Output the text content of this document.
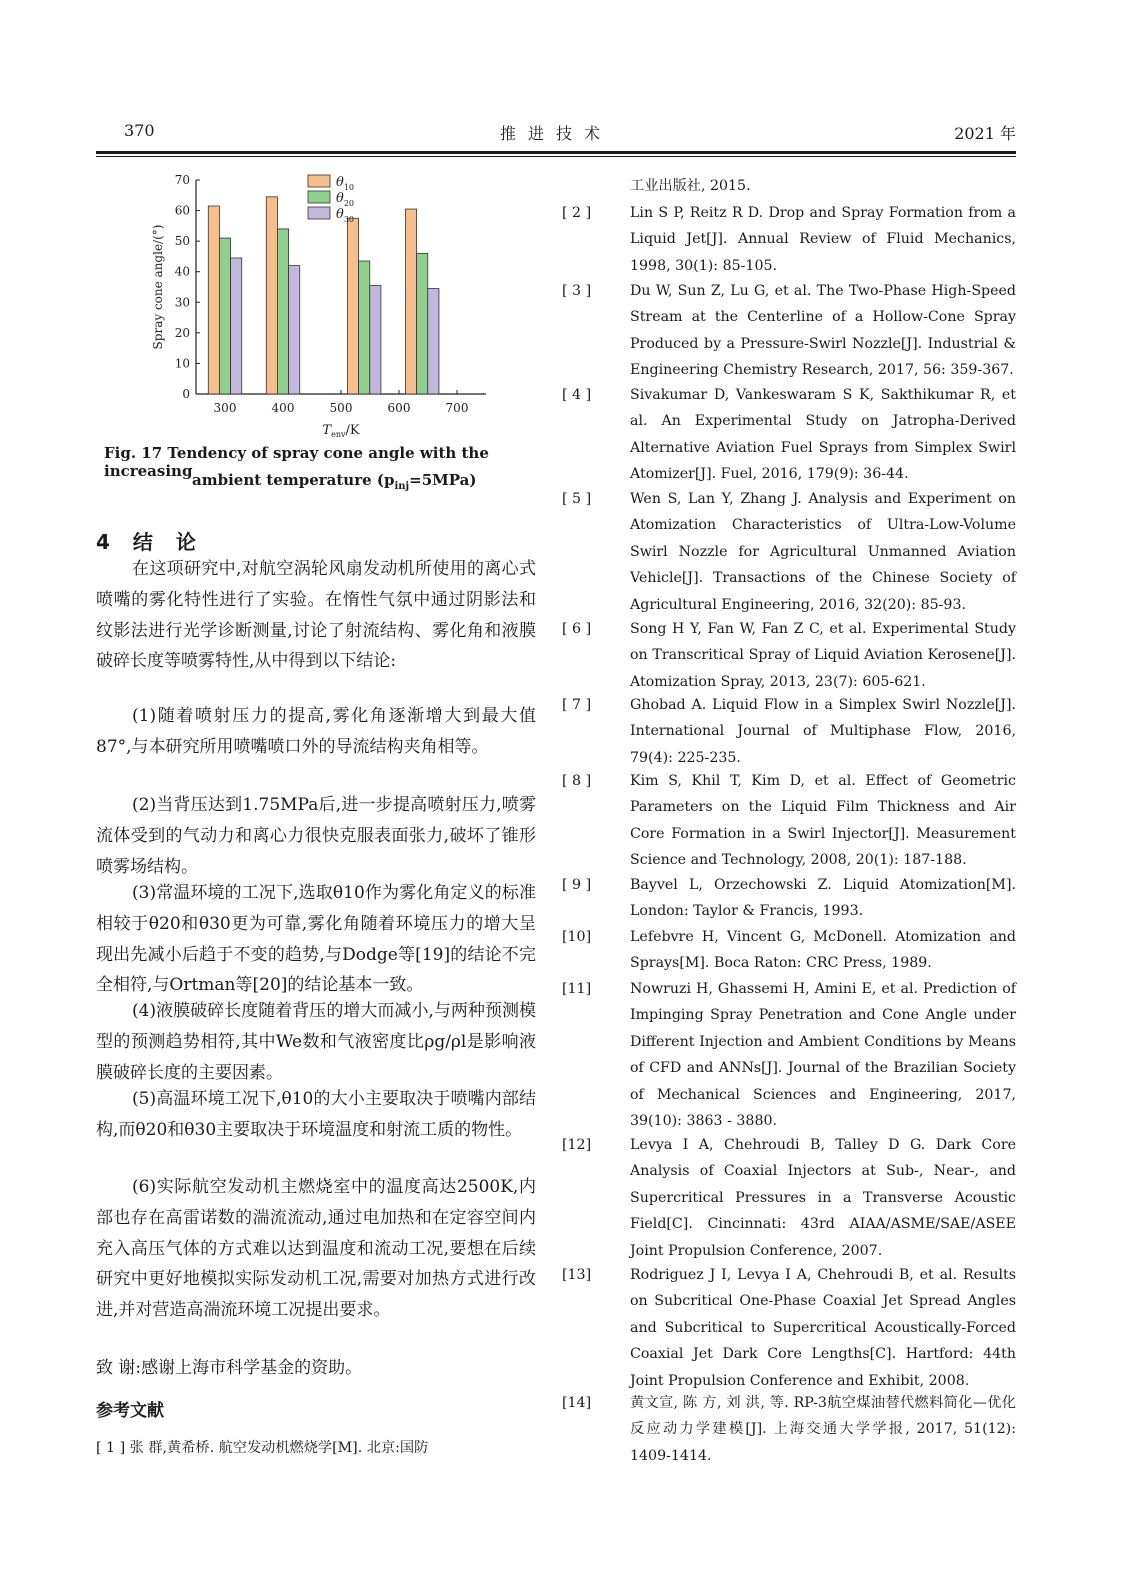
370	推进技术	2021 年
0
10
20
30
40
50
60
70
300	400	500	600	700
Spray cone angle/(°)
$T_{env}/K$
$\theta_{10}$
$\theta_{20}$
$\theta_{30}$
Fig. 17 Tendency of spray cone angle with the increasing ambient temperature $(p_{inj}=5MPa)$
4 结 论
在这项研究中,对航空涡轮风扇发动机所使用的离心式喷嘴的雾化特性进行了实验。在惰性气氛中通过阴影法和纹影法进行光学诊断测量,讨论了射流结构、雾化角和液膜破碎长度等喷雾特性,从中得到以下结论:
(1)随着喷射压力的提高,雾化角逐渐增大到最大值87°,与本研究所用喷嘴喷口外的导流结构夹角相等。
(2)当背压达到1.75MPa后,进一步提高喷射压力,喷雾流体受到的气动力和离心力很快克服表面张力,破坏了锥形喷雾场结构。
(3)常温环境的工况下,选取θ10作为雾化角定义的标准相较于θ20和θ30更为可靠,雾化角随着环境压力的增大呈现出先减小后趋于不变的趋势,与Dodge等[19]的结论不完全相符,与Ortman等[20]的结论基本一致。
(4)液膜破碎长度随着背压的增大而减小,与两种预测模型的预测趋势相符,其中We数和气液密度比ρg/ρl是影响液膜破碎长度的主要因素。
(5)高温环境工况下,θ10的大小主要取决于喷嘴内部结构,而θ20和θ30主要取决于环境温度和射流工质的物性。
(6)实际航空发动机主燃烧室中的温度高达2500K,内部也存在高雷诺数的湍流流动,通过电加热和在定容空间内充入高压气体的方式难以达到温度和流动工况,要想在后续研究中更好地模拟实际发动机工况,需要对加热方式进行改进,并对营造高湍流环境工况提出要求。
致 谢:感谢上海市科学基金的资助。
参考文献
[ 1 ] 张 群,黄希桥. 航空发动机燃烧学[M]. 北京:国防
工业出版社, 2015.
[ 2 ]	Lin S P, Reitz R D. Drop and Spray Formation from a Liquid Jet[J]. Annual Review of Fluid Mechanics, 1998, 30(1): 85-105.
[ 3 ]	Du W, Sun Z, Lu G, et al. The Two-Phase High-Speed Stream at the Centerline of a Hollow-Cone Spray Produced by a Pressure-Swirl Nozzle[J]. Industrial & Engineering Chemistry Research, 2017, 56: 359-367.
[ 4 ]	Sivakumar D, Vankeswaram S K, Sakthikumar R, et al. An Experimental Study on Jatropha-Derived Alternative Aviation Fuel Sprays from Simplex Swirl Atomizer[J]. Fuel, 2016, 179(9): 36-44.
[ 5 ]	Wen S, Lan Y, Zhang J. Analysis and Experiment on Atomization Characteristics of Ultra-Low-Volume Swirl Nozzle for Agricultural Unmanned Aviation Vehicle[J]. Transactions of the Chinese Society of Agricultural Engineering, 2016, 32(20): 85-93.
[ 6 ]	Song H Y, Fan W, Fan Z C, et al. Experimental Study on Transcritical Spray of Liquid Aviation Kerosene[J]. Atomization Spray, 2013, 23(7): 605-621.
[ 7 ]	Ghobad A. Liquid Flow in a Simplex Swirl Nozzle[J]. International Journal of Multiphase Flow, 2016, 79(4): 225-235.
[ 8 ]	Kim S, Khil T, Kim D, et al. Effect of Geometric Parameters on the Liquid Film Thickness and Air Core Formation in a Swirl Injector[J]. Measurement Science and Technology, 2008, 20(1): 187-188.
[ 9 ]	Bayvel L, Orzechowski Z. Liquid Atomization[M]. London: Taylor & Francis, 1993.
[10]	Lefebvre H, Vincent G, McDonell. Atomization and Sprays[M]. Boca Raton: CRC Press, 1989.
[11]	Nowruzi H, Ghassemi H, Amini E, et al. Prediction of Impinging Spray Penetration and Cone Angle under Different Injection and Ambient Conditions by Means of CFD and ANNs[J]. Journal of the Brazilian Society of Mechanical Sciences and Engineering, 2017, 39(10): 3863 - 3880.
[12]	Levya I A, Chehroudi B, Talley D G. Dark Core Analysis of Coaxial Injectors at Sub-, Near-, and Supercritical Pressures in a Transverse Acoustic Field[C]. Cincinnati: 43rd AIAA/ASME/SAE/ASEE Joint Propulsion Conference, 2007.
[13]	Rodriguez J I, Levya I A, Chehroudi B, et al. Results on Subcritical One-Phase Coaxial Jet Spread Angles and Subcritical to Supercritical Acoustically-Forced Coaxial Jet Dark Core Lengths[C]. Hartford: 44th Joint Propulsion Conference and Exhibit, 2008.
[14]	黄文宣, 陈 方, 刘 洪, 等. RP-3航空煤油替代燃料简化—优化反应动力学建模[J]. 上海交通大学学报, 2017, 51(12): 1409-1414.
